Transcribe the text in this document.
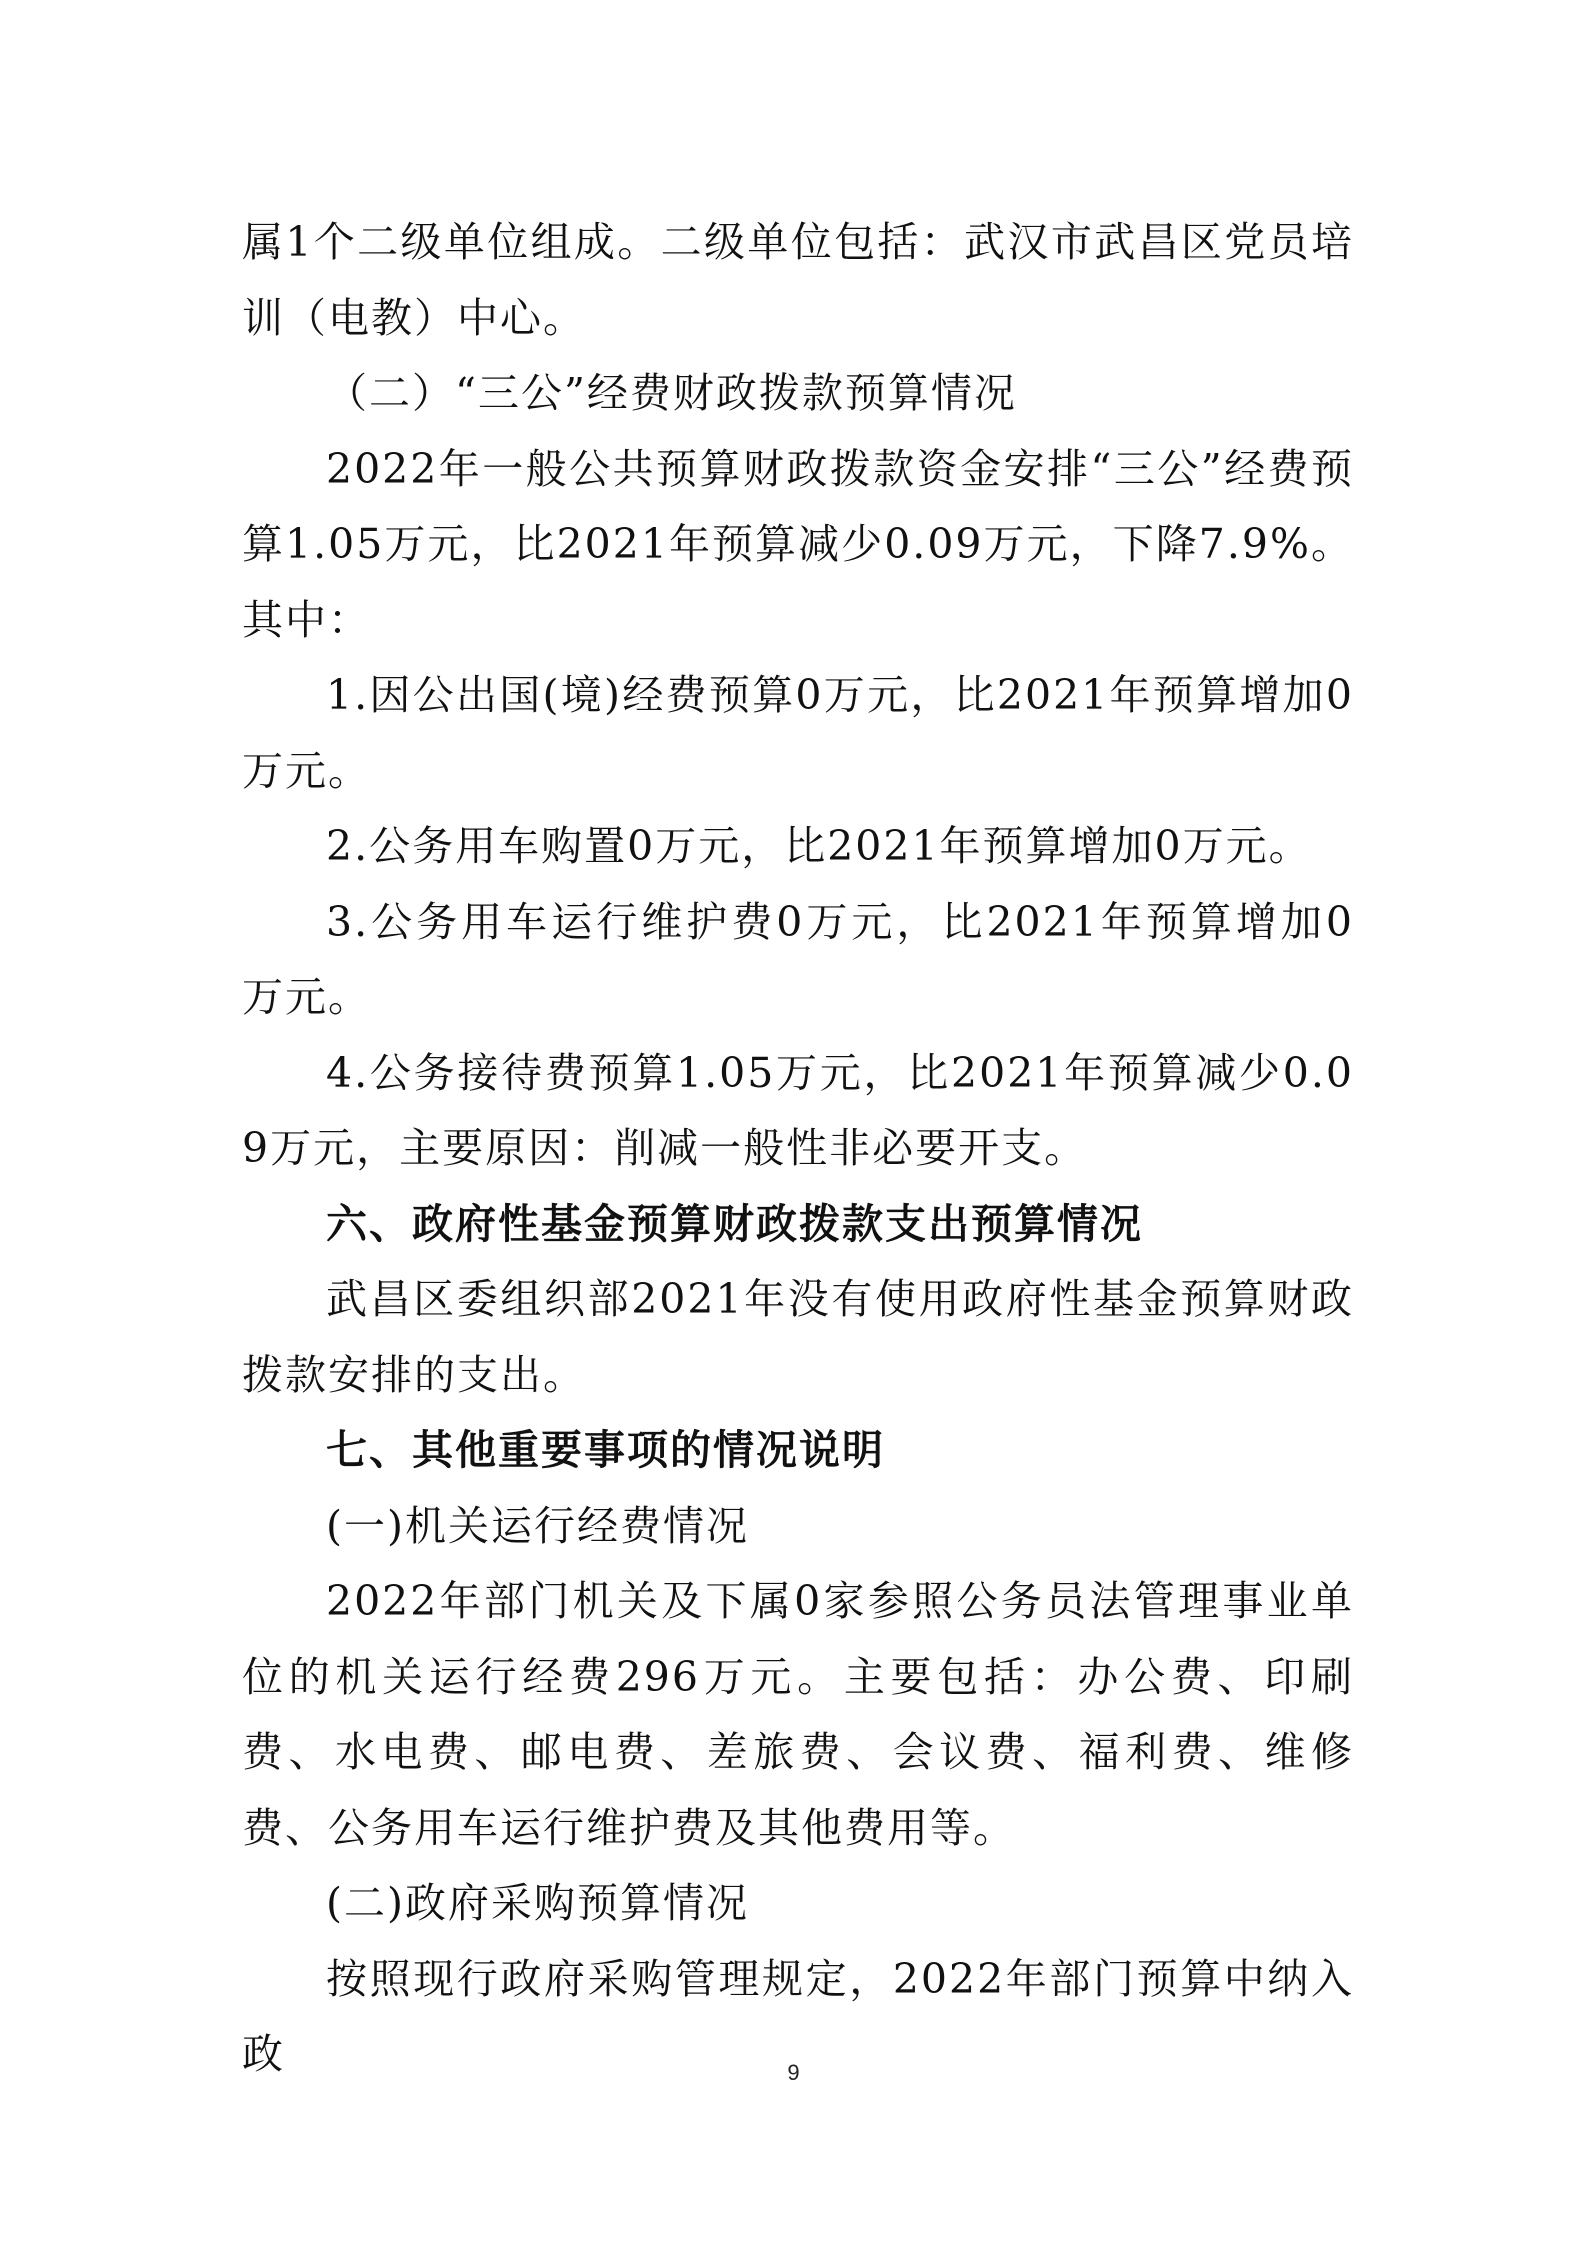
属1个二级单位组成。二级单位包括：武汉市武昌区党员培训（电教）中心。

（二）“三公”经费财政拨款预算情况

2022年一般公共预算财政拨款资金安排“三公”经费预算1.05万元，比2021年预算减少0.09万元，下降7.9%。其中：

1.因公出国(境)经费预算0万元，比2021年预算增加0万元。

2.公务用车购置0万元，比2021年预算增加0万元。

3.公务用车运行维护费0万元，比2021年预算增加0万元。

4.公务接待费预算1.05万元，比2021年预算减少0.09万元，主要原因：削减一般性非必要开支。

六、政府性基金预算财政拨款支出预算情况

武昌区委组织部2021年没有使用政府性基金预算财政拨款安排的支出。

七、其他重要事项的情况说明

(一)机关运行经费情况

2022年部门机关及下属0家参照公务员法管理事业单位的机关运行经费296万元。主要包括：办公费、印刷费、水电费、邮电费、差旅费、会议费、福利费、维修费、公务用车运行维护费及其他费用等。

(二)政府采购预算情况

按照现行政府采购管理规定，2022年部门预算中纳入政	9
